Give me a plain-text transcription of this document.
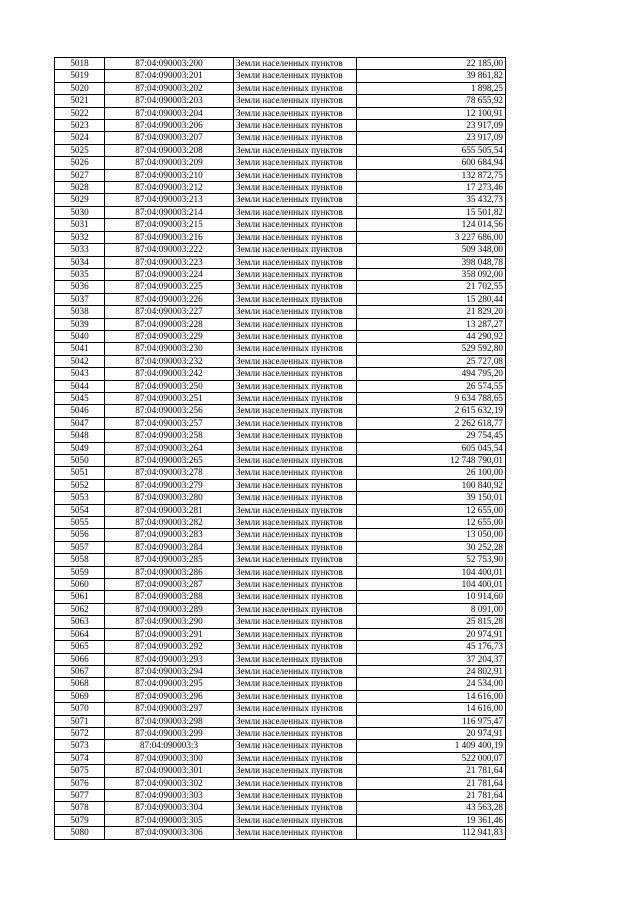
5018	87:04:090003:200	Земли населенных пунктов	22 185,00
5019	87:04:090003:201	Земли населенных пунктов	39 861,82
5020	87:04:090003:202	Земли населенных пунктов	1 898,25
5021	87:04:090003:203	Земли населенных пунктов	78 655,92
5022	87:04:090003:204	Земли населенных пунктов	12 100,91
5023	87:04:090003:206	Земли населенных пунктов	23 917,09
5024	87:04:090003:207	Земли населенных пунктов	23 917,09
5025	87:04:090003:208	Земли населенных пунктов	655 505,54
5026	87:04:090003:209	Земли населенных пунктов	600 684,94
5027	87:04:090003:210	Земли населенных пунктов	132 872,75
5028	87:04:090003:212	Земли населенных пунктов	17 273,46
5029	87:04:090003:213	Земли населенных пунктов	35 432,73
5030	87:04:090003:214	Земли населенных пунктов	15 501,82
5031	87:04:090003:215	Земли населенных пунктов	124 014,56
5032	87:04:090003:216	Земли населенных пунктов	3 227 686,00
5033	87:04:090003:222	Земли населенных пунктов	509 348,00
5034	87:04:090003:223	Земли населенных пунктов	398 048,78
5035	87:04:090003:224	Земли населенных пунктов	358 092,00
5036	87:04:090003:225	Земли населенных пунктов	21 702,55
5037	87:04:090003:226	Земли населенных пунктов	15 280,44
5038	87:04:090003:227	Земли населенных пунктов	21 829,20
5039	87:04:090003:228	Земли населенных пунктов	13 287,27
5040	87:04:090003:229	Земли населенных пунктов	44 290,92
5041	87:04:090003:230	Земли населенных пунктов	529 592,80
5042	87:04:090003:232	Земли населенных пунктов	25 727,08
5043	87:04:090003:242	Земли населенных пунктов	494 795,20
5044	87:04:090003:250	Земли населенных пунктов	26 574,55
5045	87:04:090003:251	Земли населенных пунктов	9 634 788,65
5046	87:04:090003:256	Земли населенных пунктов	2 615 632,19
5047	87:04:090003:257	Земли населенных пунктов	2 262 618,77
5048	87:04:090003:258	Земли населенных пунктов	29 754,45
5049	87:04:090003:264	Земли населенных пунктов	605 045,54
5050	87:04:090003:265	Земли населенных пунктов	12 748 790,01
5051	87:04:090003:278	Земли населенных пунктов	26 100,00
5052	87:04:090003:279	Земли населенных пунктов	100 840,92
5053	87:04:090003:280	Земли населенных пунктов	39 150,01
5054	87:04:090003:281	Земли населенных пунктов	12 655,00
5055	87:04:090003:282	Земли населенных пунктов	12 655,00
5056	87:04:090003:283	Земли населенных пунктов	13 050,00
5057	87:04:090003:284	Земли населенных пунктов	30 252,28
5058	87:04:090003:285	Земли населенных пунктов	52 753,90
5059	87:04:090003:286	Земли населенных пунктов	104 400,01
5060	87:04:090003:287	Земли населенных пунктов	104 400,01
5061	87:04:090003:288	Земли населенных пунктов	10 914,60
5062	87:04:090003:289	Земли населенных пунктов	8 091,00
5063	87:04:090003:290	Земли населенных пунктов	25 815,28
5064	87:04:090003:291	Земли населенных пунктов	20 974,91
5065	87:04:090003:292	Земли населенных пунктов	45 176,73
5066	87:04:090003:293	Земли населенных пунктов	37 204,37
5067	87:04:090003:294	Земли населенных пунктов	24 802,91
5068	87:04:090003:295	Земли населенных пунктов	24 534,00
5069	87:04:090003:296	Земли населенных пунктов	14 616,00
5070	87:04:090003:297	Земли населенных пунктов	14 616,00
5071	87:04:090003:298	Земли населенных пунктов	116 975,47
5072	87:04:090003:299	Земли населенных пунктов	20 974,91
5073	87:04:090003:3	Земли населенных пунктов	1 409 400,19
5074	87:04:090003:300	Земли населенных пунктов	522 000,07
5075	87:04:090003:301	Земли населенных пунктов	21 781,64
5076	87:04:090003:302	Земли населенных пунктов	21 781,64
5077	87:04:090003:303	Земли населенных пунктов	21 781,64
5078	87:04:090003:304	Земли населенных пунктов	43 563,28
5079	87:04:090003:305	Земли населенных пунктов	19 361,46
5080	87:04:090003:306	Земли населенных пунктов	112 941,83
